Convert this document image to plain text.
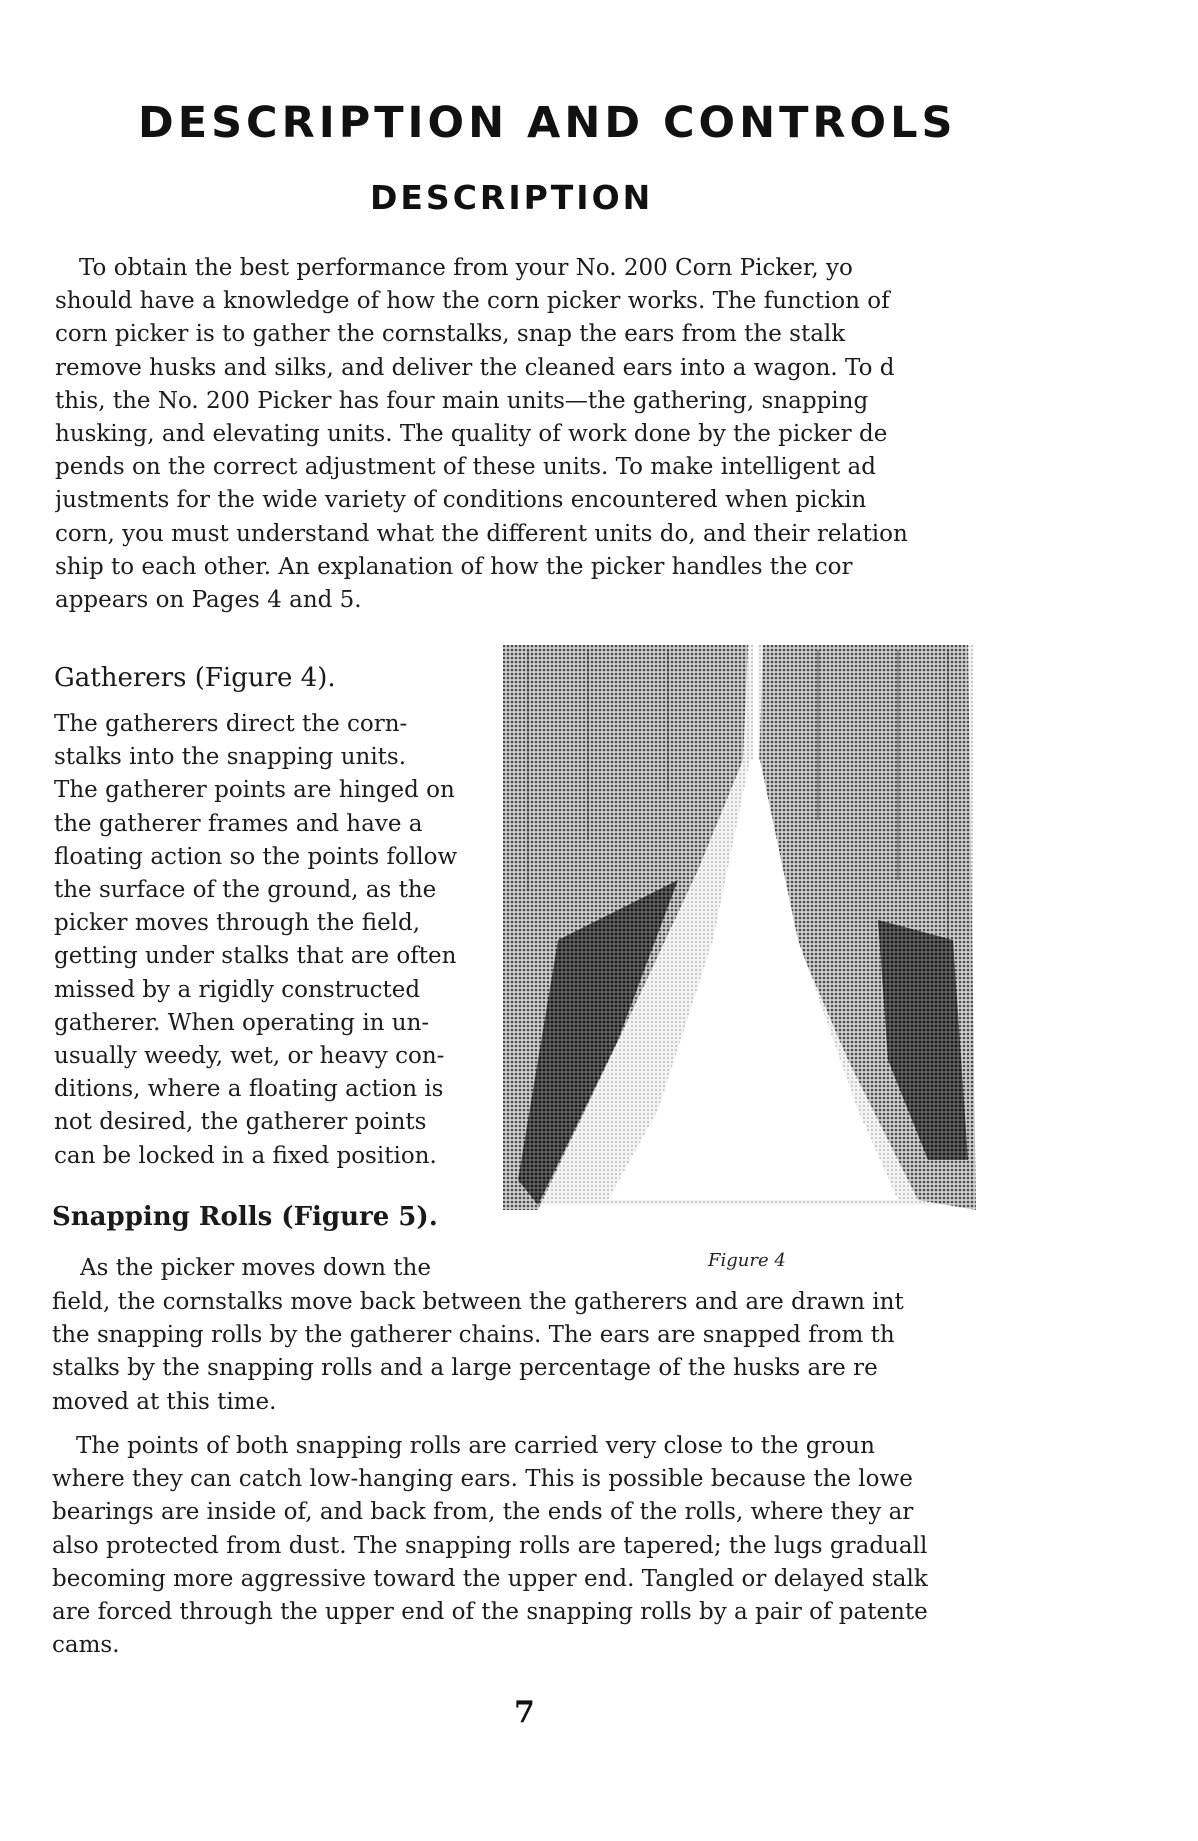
DESCRIPTION AND CONTROLS
DESCRIPTION
To obtain the best performance from your No. 200 Corn Picker, yo
should have a knowledge of how the corn picker works. The function of
corn picker is to gather the cornstalks, snap the ears from the stalk
remove husks and silks, and deliver the cleaned ears into a wagon. To d
this, the No. 200 Picker has four main units—the gathering, snapping
husking, and elevating units. The quality of work done by the picker de
pends on the correct adjustment of these units. To make intelligent ad
justments for the wide variety of conditions encountered when pickin
corn, you must understand what the different units do, and their relation
ship to each other. An explanation of how the picker handles the cor
appears on Pages 4 and 5.
Gatherers (Figure 4).
The gatherers direct the corn-
stalks into the snapping units.
The gatherer points are hinged on
the gatherer frames and have a
floating action so the points follow
the surface of the ground, as the
picker moves through the field,
getting under stalks that are often
missed by a rigidly constructed
gatherer. When operating in un-
usually weedy, wet, or heavy con-
ditions, where a floating action is
not desired, the gatherer points
can be locked in a fixed position.
Snapping Rolls (Figure 5).
As the picker moves down the	Figure 4
field, the cornstalks move back between the gatherers and are drawn int
the snapping rolls by the gatherer chains. The ears are snapped from th
stalks by the snapping rolls and a large percentage of the husks are re
moved at this time.
The points of both snapping rolls are carried very close to the groun
where they can catch low-hanging ears. This is possible because the lowe
bearings are inside of, and back from, the ends of the rolls, where they ar
also protected from dust. The snapping rolls are tapered; the lugs graduall
becoming more aggressive toward the upper end. Tangled or delayed stalk
are forced through the upper end of the snapping rolls by a pair of patente
cams.
7
